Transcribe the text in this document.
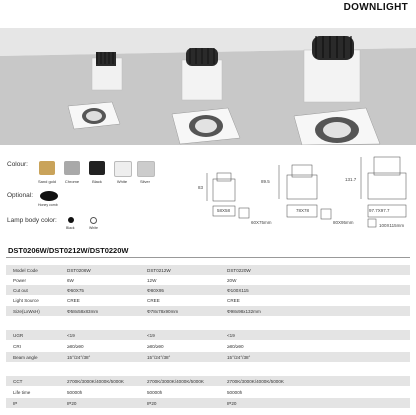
DOWNLIGHT
Colour:
Sand gold	Chrome	Black	White	Silver
Optional:
Honey comb
Lamp body color:
Black	White
83
58X58
60X75mm
89.5
78X78
80X95mm
131.7
97.7X97.7
100X115mm
DST0206W/DST0212W/DST0220W
Model Code	DST0206W	DST0212W	DST0220W
Power	6W	12W	20W
Cut out	Φ60X75	Φ80X95	Φ100X115
Light Source	CREE	CREE	CREE
Size(LxWxH)	Φ58x58x83mm	Φ78x78x90mm	Φ98x98x132mm
UGR	<19	<19	<19
CRI	≥80/≥90	≥80/≥90	≥80/≥90
Beam angle	15°/24°/38°	15°/24°/38°	15°/24°/38°
CCT	2700K/3000K/4000K/5000K	2700K/3000K/4000K/5000K	2700K/3000K/4000K/5000K
Life time	50000h	50000h	50000h
IP	IP20	IP20	IP20
